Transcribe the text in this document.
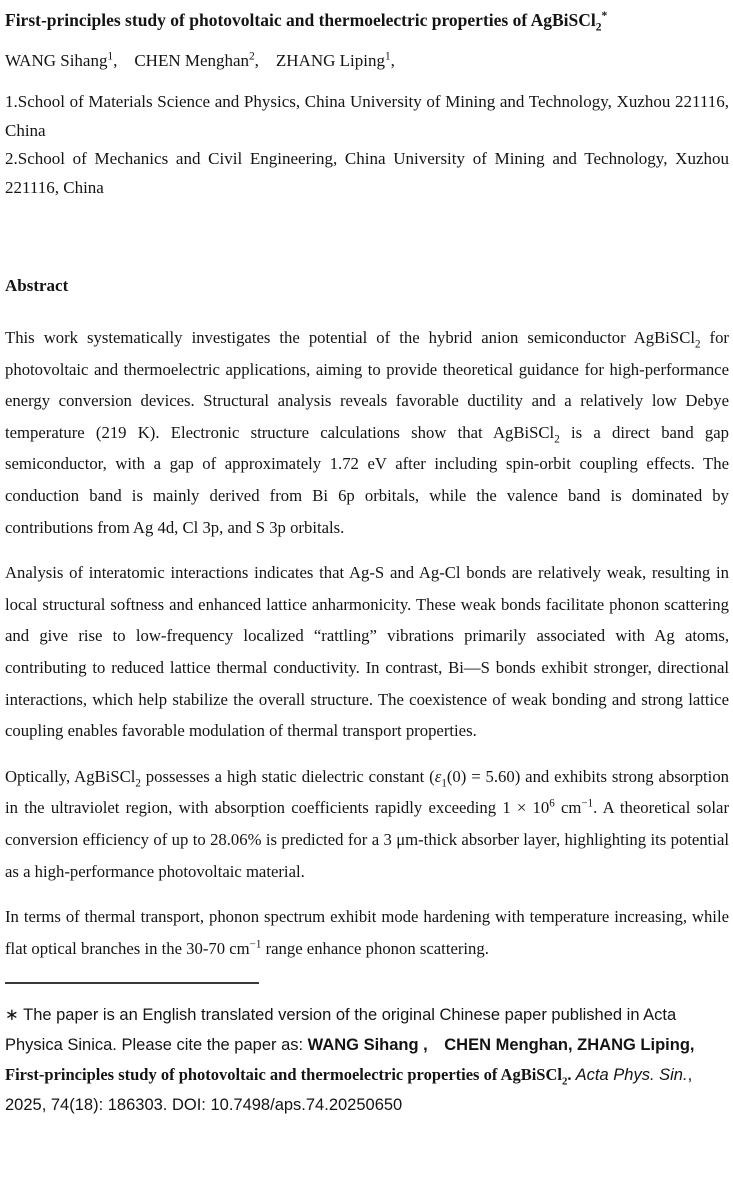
First-principles study of photovoltaic and thermoelectric properties of AgBiSCl$_2$*

WANG Sihang$^1$, CHEN Menghan$^2$, ZHANG Liping$^1$,

1.School of Materials Science and Physics, China University of Mining and Technology, Xuzhou 221116, China

2.School of Mechanics and Civil Engineering, China University of Mining and Technology, Xuzhou 221116, China

Abstract

This work systematically investigates the potential of the hybrid anion semiconductor AgBiSCl$_2$ for photovoltaic and thermoelectric applications, aiming to provide theoretical guidance for high-performance energy conversion devices. Structural analysis reveals favorable ductility and a relatively low Debye temperature (219 K). Electronic structure calculations show that AgBiSCl$_2$ is a direct band gap semiconductor, with a gap of approximately 1.72 eV after including spin-orbit coupling effects. The conduction band is mainly derived from Bi 6p orbitals, while the valence band is dominated by contributions from Ag 4d, Cl 3p, and S 3p orbitals.

Analysis of interatomic interactions indicates that Ag-S and Ag-Cl bonds are relatively weak, resulting in local structural softness and enhanced lattice anharmonicity. These weak bonds facilitate phonon scattering and give rise to low-frequency localized “rattling” vibrations primarily associated with Ag atoms, contributing to reduced lattice thermal conductivity. In contrast, Bi—S bonds exhibit stronger, directional interactions, which help stabilize the overall structure. The coexistence of weak bonding and strong lattice coupling enables favorable modulation of thermal transport properties.

Optically, AgBiSCl$_2$ possesses a high static dielectric constant $(\varepsilon_1(0) = 5.60)$ and exhibits strong absorption in the ultraviolet region, with absorption coefficients rapidly exceeding $1 \times 10^6$ $cm^{-1}$. A theoretical solar conversion efficiency of up to 28.06% is predicted for a 3 μm-thick absorber layer, highlighting its potential as a high-performance photovoltaic material.

In terms of thermal transport, phonon spectrum exhibit mode hardening with temperature increasing, while flat optical branches in the 30-70 $cm^{-1}$ range enhance phonon scattering.

∗ The paper is an English translated version of the original Chinese paper published in Acta Physica Sinica. Please cite the paper as: WANG Sihang , CHEN Menghan, ZHANG Liping, First-principles study of photovoltaic and thermoelectric properties of AgBiSCl$_2$. Acta Phys. Sin., 2025, 74(18): 186303. DOI: 10.7498/aps.74.20250650
